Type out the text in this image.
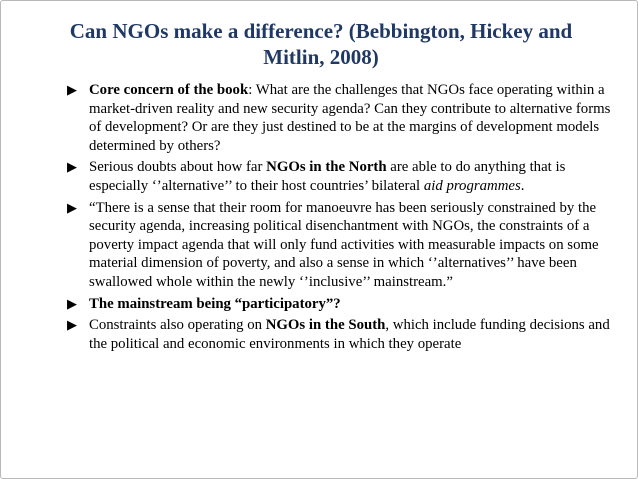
Can NGOs make a difference? (Bebbington, Hickey and
Mitlin, 2008)
▶ Core concern of the book: What are the challenges that NGOs face operating within a market-driven reality and new security agenda? Can they contribute to alternative forms of development? Or are they just destined to be at the margins of development models determined by others?
▶ Serious doubts about how far NGOs in the North are able to do anything that is especially ‘’alternative’’ to their host countries’ bilateral aid programmes.
▶ “There is a sense that their room for manoeuvre has been seriously constrained by the security agenda, increasing political disenchantment with NGOs, the constraints of a poverty impact agenda that will only fund activities with measurable impacts on some material dimension of poverty, and also a sense in which ‘’alternatives’’ have been swallowed whole within the newly ‘’inclusive’’ mainstream.”
▶ The mainstream being “participatory”?
▶ Constraints also operating on NGOs in the South, which include funding decisions and the political and economic environments in which they operate
